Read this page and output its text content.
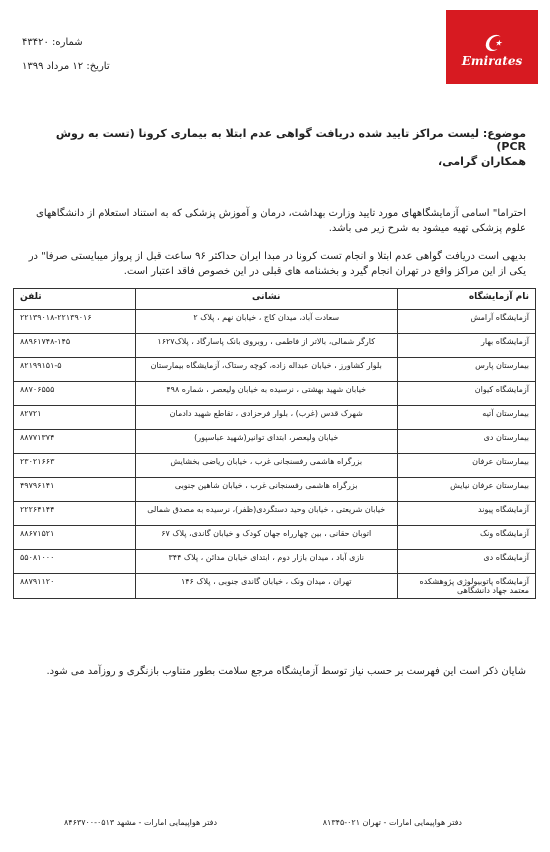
شماره: ۴۳۴۲۰
تاریخ: ۱۲ مرداد ۱۳۹۹
☪
Emirates
موضوع: لیست مراکز تایید شده دریافت گواهی عدم ابتلا به بیماری کرونا (تست به روش PCR)
همکاران گرامی،
احتراما" اسامی آزمایشگاههای مورد تایید وزارت بهداشت، درمان و آموزش پزشکی که به استناد استعلام از دانشگاههای علوم پزشکی تهیه میشود به شرح زیر می باشد.
بدیهی است دریافت گواهی عدم ابتلا و انجام تست کرونا در مبدا ایران حداکثر ۹۶ ساعت قبل از پرواز میبایستی صرفا" در یکی از این مراکز واقع در تهران انجام گیرد و بخشنامه های قبلی در این خصوص فاقد اعتبار است.
نام آزمایشگاه	نشانی	تلفن
آزمایشگاه آرامش	سعادت آباد، میدان کاج ، خیابان نهم ، پلاک ۲	۲۲۱۳۹۰۱۸-۲۲۱۳۹۰۱۶
آزمایشگاه بهار	کارگر شمالی، بالاتر از فاطمی ، روبروی بانک پاسارگاد ، پلاک۱۶۲۷	۸۸۹۶۱۷۴۸-۱۴۵
بیمارستان پارس	بلوار کشاورز ، خیابان عبداله زاده، کوچه رستاک، آزمایشگاه بیمارستان	۸۲۱۹۹۱۵۱-۵
آزمایشگاه کیوان	خیابان شهید بهشتی ، نرسیده به خیابان ولیعصر ، شماره ۴۹۸	۸۸۷۰۶۵۵۵
بیمارستان آتیه	شهرک قدس (غرب) ، بلوار فرحزادی ، تقاطع شهید دادمان	۸۲۷۲۱
بیمارستان دی	خیابان ولیعصر، ابتدای توانیر(شهید عباسپور)	۸۸۷۷۱۳۷۴
بیمارستان عرفان	بزرگراه هاشمی رفسنجانی غرب ، خیابان ریاضی بخشایش	۲۳۰۲۱۶۶۳
بیمارستان عرفان نیایش	بزرگراه هاشمی رفسنجانی غرب ، خیابان شاهین جنوبی	۴۹۷۹۶۱۴۱
آزمایشگاه پیوند	خیابان شریعتی ، خیابان وحید دستگردی(ظفر)، نرسیده به مصدق شمالی	۲۲۲۶۴۱۴۴
آزمایشگاه ونک	اتوبان حقانی ، بین چهارراه جهان کودک و خیابان گاندی، پلاک ۶۷	۸۸۶۷۱۵۲۱
آزمایشگاه دی	نازی آباد ، میدان بازار دوم ، ابتدای خیابان مدائن ، پلاک ۳۴۴	۵۵۰۸۱۰۰۰
آزمایشگاه پاتوبیولوژی پژوهشکده معتمد جهاد دانشگاهی	تهران ، میدان ونک ، خیابان گاندی جنوبی ، پلاک ۱۴۶	۸۸۷۹۱۱۲۰
شایان ذکر است این فهرست بر حسب نیاز توسط آزمایشگاه مرجع سلامت بطور متناوب بازنگری و روزآمد می شود.
دفتر هواپیمایی امارات - تهران ۰۲۱-۸۱۳۴۵
دفتر هواپیمایی امارات - مشهد ۰۵۱۳-۸۴۶۳۷۰۰
